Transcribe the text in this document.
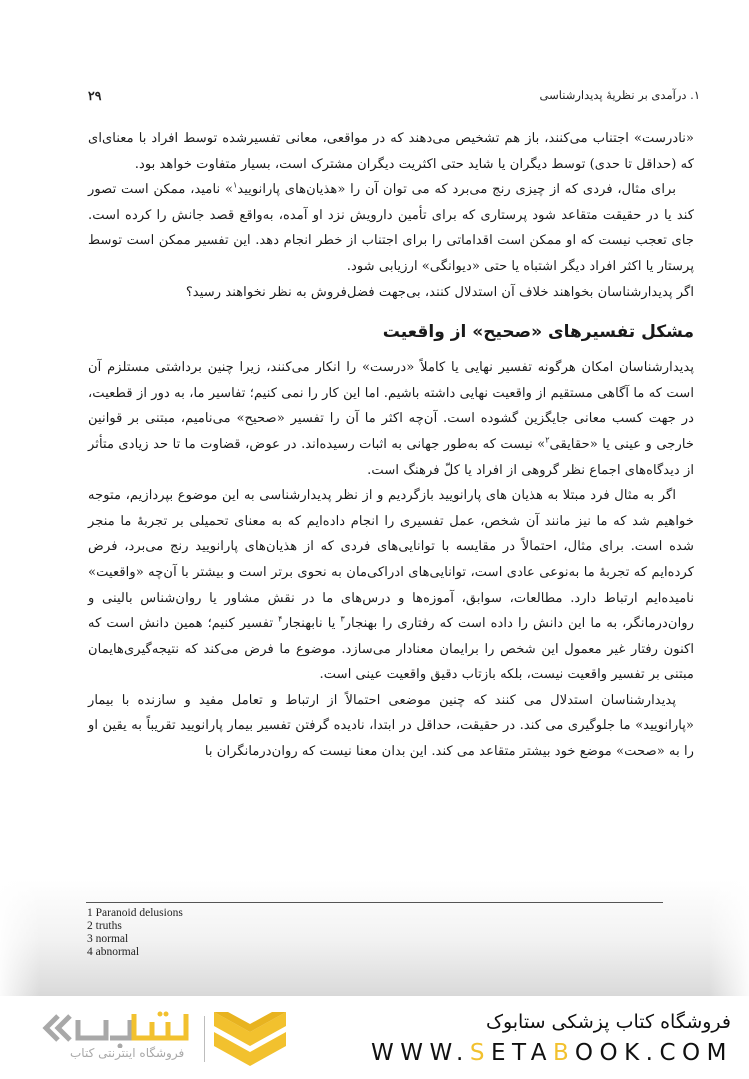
۱. درآمدی بر نظریهٔ پدیدارشناسی
۲۹

«نادرست» اجتناب می‌کنند، باز هم تشخیص می‌دهند که در مواقعی، معانی تفسیرشده توسط افراد با معنای‌ای که (حداقل تا حدی) توسط دیگران یا شاید حتی اکثریت دیگران مشترک است، بسیار متفاوت خواهد بود.

برای مثال، فردی که از چیزی رنج می‌برد که می توان آن را «هذیان‌های پارانویید$^۱$» نامید، ممکن است تصور کند یا در حقیقت متقاعد شود پرستاری که برای تأمین دارویش نزد او آمده، به‌واقع قصد جانش را کرده است. جای تعجب نیست که او ممکن است اقداماتی را برای اجتناب از خطر انجام دهد. این تفسیر ممکن است توسط پرستار یا اکثر افراد دیگر اشتباه یا حتی «دیوانگی» ارزیابی شود.

اگر پدیدارشناسان بخواهند خلاف آن استدلال کنند، بی‌جهت فضل‌فروش به نظر نخواهند رسید؟

مشکل تفسیرهای «صحیح» از واقعیت

پدیدارشناسان امکان هرگونه تفسیر نهایی یا کاملاً «درست» را انکار می‌کنند، زیرا چنین برداشتی مستلزم آن است که ما آگاهی مستقیم از واقعیت نهایی داشته باشیم. اما این کار را نمی کنیم؛ تفاسیر ما، به دور از قطعیت، در جهت کسب معانی جایگزین گشوده است. آن‌چه اکثر ما آن را تفسیر «صحیح» می‌نامیم، مبتنی بر قوانین خارجی و عینی یا «حقایقی$^۲$» نیست که به‌طور جهانی به اثبات رسیده‌اند. در عوض، قضاوت ما تا حد زیادی متأثر از دیدگاه‌های اجماع نظر گروهی از افراد یا کلّ فرهنگ است.

اگر به مثال فرد مبتلا به هذیان های پارانویید بازگردیم و از نظر پدیدارشناسی به این موضوع بپردازیم، متوجه خواهیم شد که ما نیز مانند آن شخص، عمل تفسیری را انجام داده‌ایم که به معنای تحمیلی بر تجربهٔ ما منجر شده است. برای مثال، احتمالاً در مقایسه با توانایی‌های فردی که از هذیان‌های پارانویید رنج می‌برد، فرض کرده‌ایم که تجربهٔ ما به‌نوعی عادی است، توانایی‌های ادراکی‌مان به نحوی برتر است و بیشتر با آن‌چه «واقعیت» نامیده‌ایم ارتباط دارد. مطالعات، سوابق، آموزه‌ها و درس‌های ما در نقش مشاور یا روان‌شناس بالینی و روان‌درمانگر، به ما این دانش را داده است که رفتاری را بهنجار$^۳$ یا نابهنجار$^۴$ تفسیر کنیم؛ همین دانش است که اکنون رفتار غیر معمول این شخص را برایمان معنادار می‌سازد. موضوع ما فرض می‌کند که نتیجه‌گیری‌هایمان مبتنی بر تفسیر واقعیت نیست، بلکه بازتاب دقیق واقعیت عینی است.

پدیدارشناسان استدلال می کنند که چنین موضعی احتمالاً از ارتباط و تعامل مفید و سازنده با بیمار «پارانویید» ما جلوگیری می کند. در حقیقت، حداقل در ابتدا، نادیده گرفتن تفسیر بیمار پارانویید تقریباً به یقین او را به «صحت» موضع خود بیشتر متقاعد می کند. این بدان معنا نیست که روان‌درمانگران با

1 Paranoid delusions
2 truths
3 normal
4 abnormal
فروشگاه اینترنتی کتاب
فروشگاه کتاب پزشکی ستابوک
WWW.SETABOOK.COM
